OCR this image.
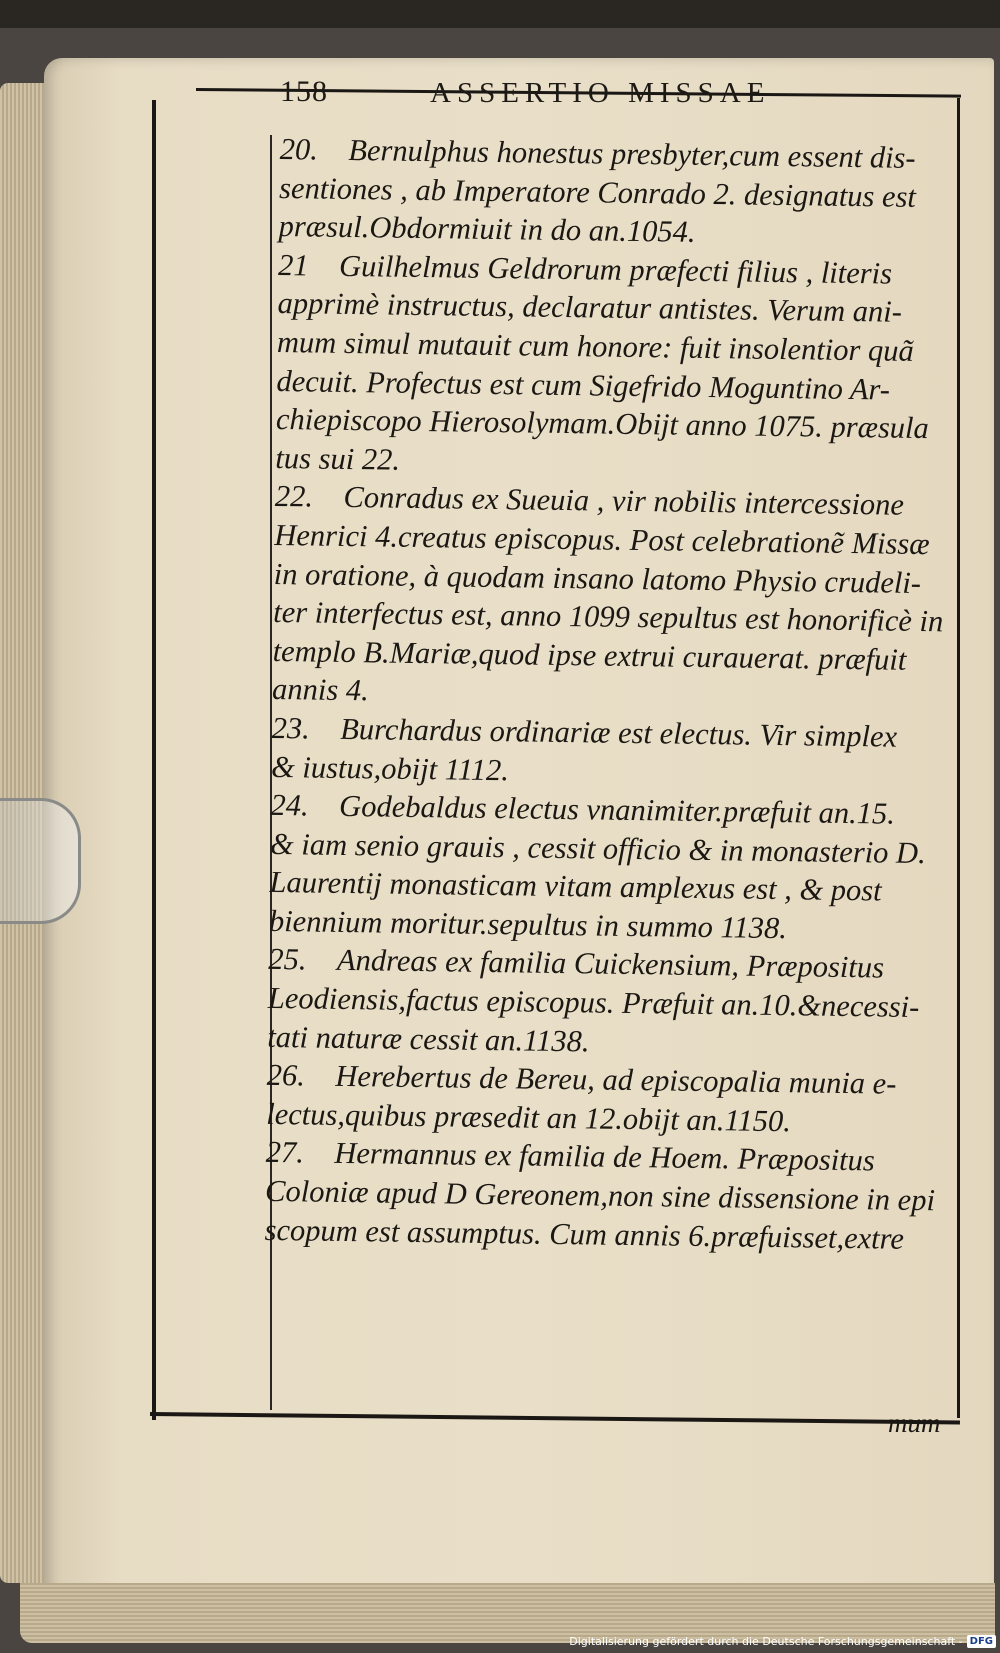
158	ASSERTIO MISSAE
20. Bernulphus honestus presbyter,cum essent dis-
sentiones , ab Imperatore Conrado 2. designatus est
præsul.Obdormiuit in do an.1054.
21 Guilhelmus Geldrorum præfecti filius , literis
apprimè instructus, declaratur antistes. Verum ani-
mum simul mutauit cum honore: fuit insolentior quã
decuit. Profectus est cum Sigefrido Moguntino Ar-
chiepiscopo Hierosolymam.Obijt anno 1075. præsula
tus sui 22.
22. Conradus ex Sueuia , vir nobilis intercessione
Henrici 4.creatus episcopus. Post celebrationẽ Missæ
in oratione, à quodam insano latomo Physio crudeli-
ter interfectus est, anno 1099 sepultus est honorificè in
templo B.Mariæ,quod ipse extrui curauerat. præfuit
annis 4.
23. Burchardus ordinariæ est electus. Vir simplex
& iustus,obijt 1112.
24. Godebaldus electus vnanimiter.præfuit an.15.
& iam senio grauis , cessit officio & in monasterio D.
Laurentij monasticam vitam amplexus est , & post
biennium moritur.sepultus in summo 1138.
25. Andreas ex familia Cuickensium, Præpositus
Leodiensis,factus episcopus. Præfuit an.10.&necessi-
tati naturæ cessit an.1138.
26. Herebertus de Bereu, ad episcopalia munia e-
lectus,quibus præsedit an 12.obijt an.1150.
27. Hermannus ex familia de Hoem. Præpositus
Coloniæ apud D Gereonem,non sine dissensione in epi
scopum est assumptus. Cum annis 6.præfuisset,extre
mum
Digitalisierung gefördert durch die Deutsche Forschungsgemeinschaft - DFG
